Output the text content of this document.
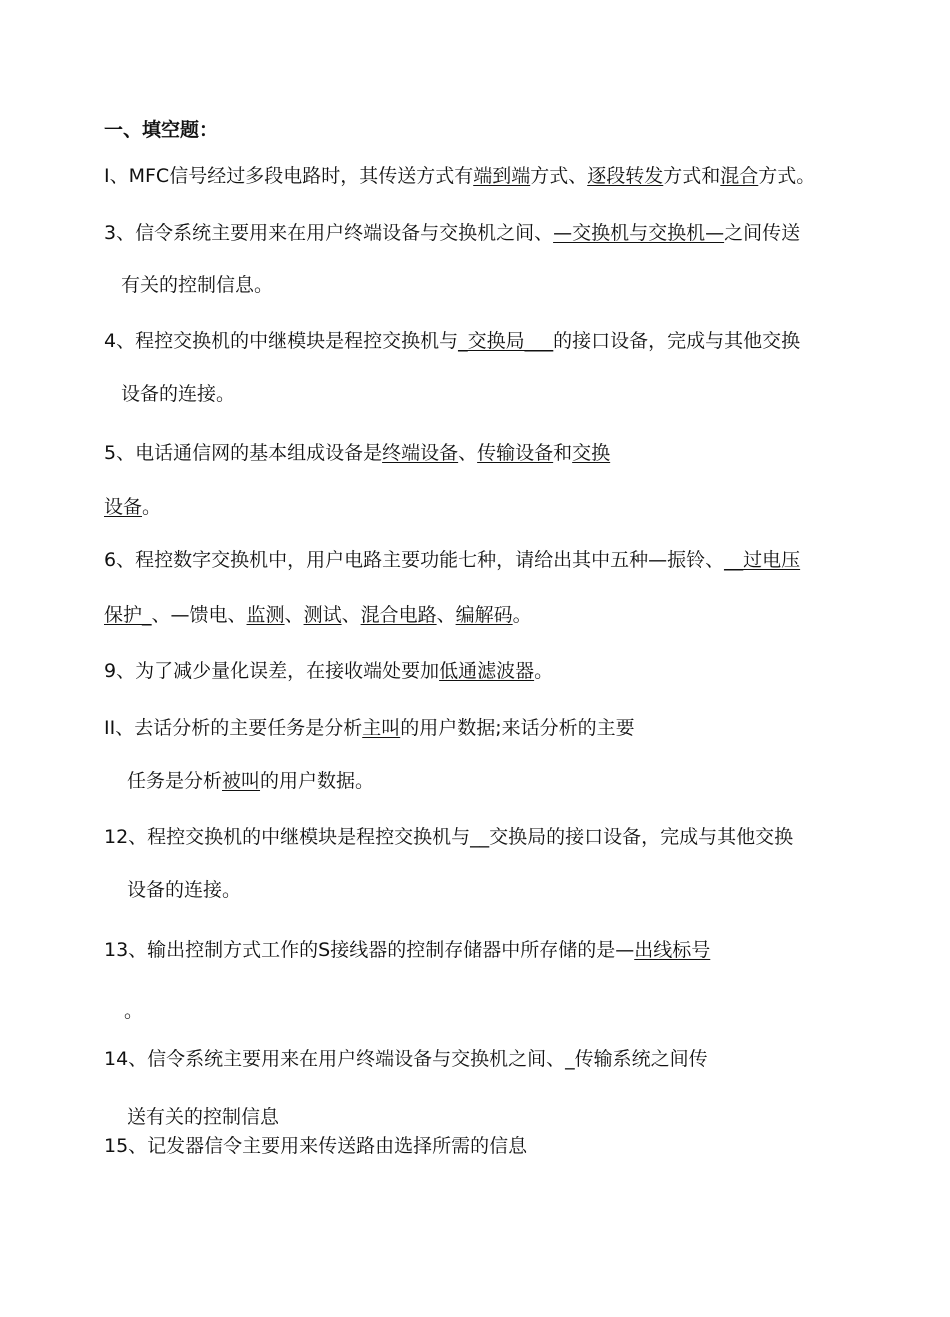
一、填空题：
I、MFC信号经过多段电路时，其传送方式有端到端方式、逐段转发方式和混合方式。
3、信令系统主要用来在用户终端设备与交换机之间、—交换机与交换机—之间传送
有关的控制信息。
4、程控交换机的中继模块是程控交换机与_交换局___的接口设备，完成与其他交换
设备的连接。
5、电话通信网的基本组成设备是终端设备、传输设备和交换
设备。
6、程控数字交换机中，用户电路主要功能七种，请给出其中五种—振铃、__过电压
保护_、—馈电、监测、测试、混合电路、编解码。
9、为了减少量化误差，在接收端处要加低通滤波器。
II、去话分析的主要任务是分析主叫的用户数据;来话分析的主要
任务是分析被叫的用户数据。
12、程控交换机的中继模块是程控交换机与__交换局的接口设备，完成与其他交换
设备的连接。
13、输出控制方式工作的S接线器的控制存储器中所存储的是—出线标号
。
14、信令系统主要用来在用户终端设备与交换机之间、_传输系统之间传
送有关的控制信息
15、记发器信令主要用来传送路由选择所需的信息
